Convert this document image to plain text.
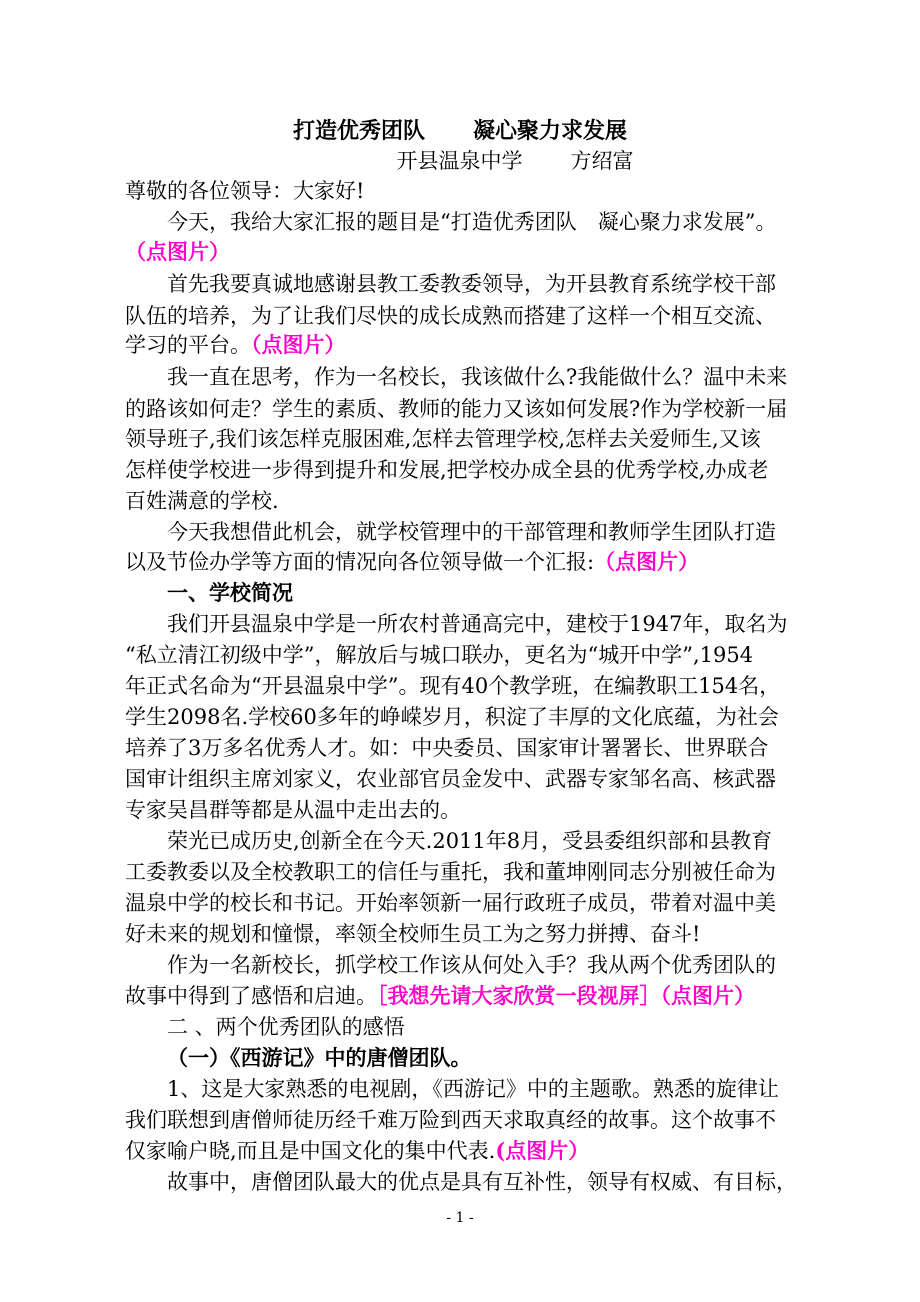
打造优秀团队 凝心聚力求发展
开县温泉中学 方绍富
尊敬的各位领导：大家好!
今天，我给大家汇报的题目是“打造优秀团队　凝心聚力求发展”。
（点图片）
首先我要真诚地感谢县教工委教委领导，为开县教育系统学校干部
队伍的培养，为了让我们尽快的成长成熟而搭建了这样一个相互交流、
学习的平台。（点图片）
我一直在思考，作为一名校长，我该做什么?我能做什么？温中未来
的路该如何走？学生的素质、教师的能力又该如何发展?作为学校新一届
领导班子,我们该怎样克服困难,怎样去管理学校,怎样去关爱师生,又该
怎样使学校进一步得到提升和发展,把学校办成全县的优秀学校,办成老
百姓满意的学校.
今天我想借此机会，就学校管理中的干部管理和教师学生团队打造
以及节俭办学等方面的情况向各位领导做一个汇报:（点图片）
一、学校简况
我们开县温泉中学是一所农村普通高完中，建校于1947年，取名为
“私立清江初级中学”，解放后与城口联办，更名为“城开中学”,1954
年正式名命为“开县温泉中学”。现有40个教学班，在编教职工154名，
学生2098名.学校60多年的峥嵘岁月，积淀了丰厚的文化底蕴，为社会
培养了3万多名优秀人才。如：中央委员、国家审计署署长、世界联合
国审计组织主席刘家义，农业部官员金发中、武器专家邹名高、核武器
专家吴昌群等都是从温中走出去的。
荣光已成历史,创新全在今天.2011年8月，受县委组织部和县教育
工委教委以及全校教职工的信任与重托，我和董坤刚同志分别被任命为
温泉中学的校长和书记。开始率领新一届行政班子成员，带着对温中美
好未来的规划和憧憬，率领全校师生员工为之努力拼搏、奋斗!
作为一名新校长，抓学校工作该从何处入手？我从两个优秀团队的
故事中得到了感悟和启迪。［我想先请大家欣赏一段视屏］（点图片）
二 、两个优秀团队的感悟
（一）《西游记》中的唐僧团队。
1、这是大家熟悉的电视剧，《西游记》中的主题歌。熟悉的旋律让
我们联想到唐僧师徒历经千难万险到西天求取真经的故事。这个故事不
仅家喻户晓,而且是中国文化的集中代表.(点图片）
故事中，唐僧团队最大的优点是具有互补性，领导有权威、有目标，
- 1 -
